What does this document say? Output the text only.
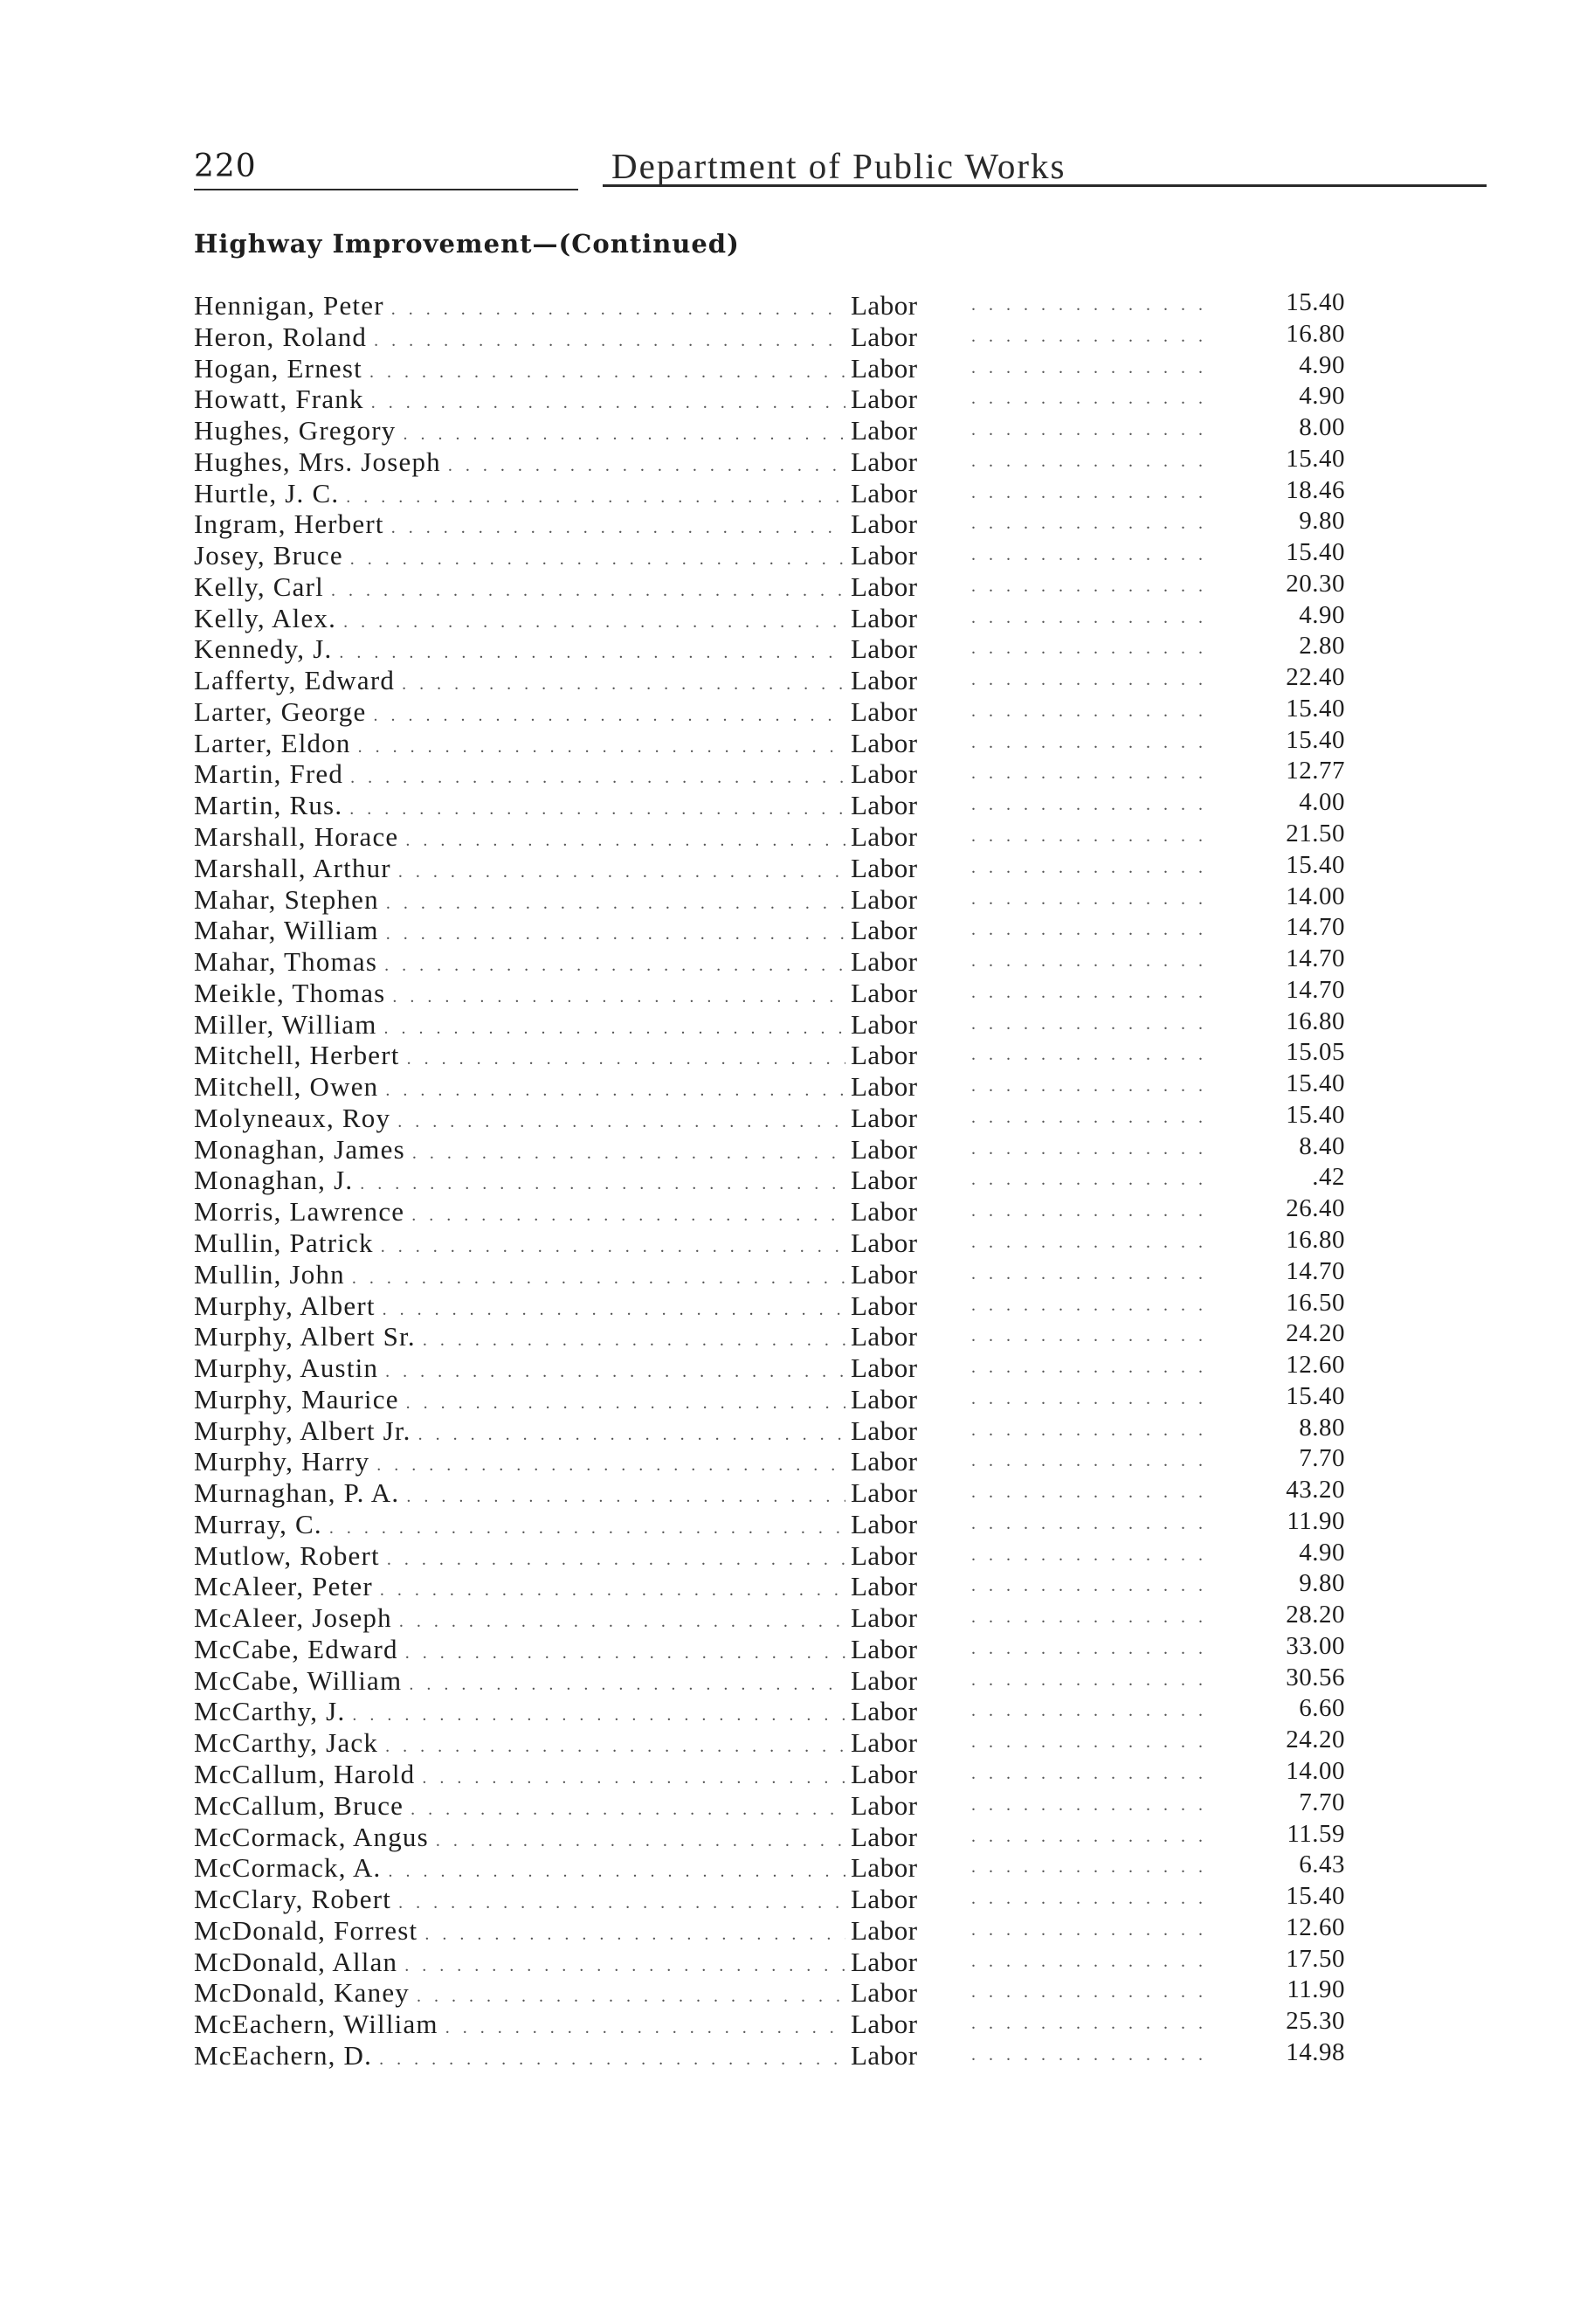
220	Department of Public Works
Highway Improvement—(Continued)
Hennigan, Peter . . .	Labor . . .	15.40
Heron, Roland . . .	Labor . . .	16.80
Hogan, Ernest . . .	Labor . . .	4.90
Howatt, Frank . . .	Labor . . .	4.90
Hughes, Gregory . . .	Labor . . .	8.00
Hughes, Mrs. Joseph . . .	Labor . . .	15.40
Hurtle, J. C. . . .	Labor . . .	18.46
Ingram, Herbert . . .	Labor . . .	9.80
Josey, Bruce . . .	Labor . . .	15.40
Kelly, Carl . . .	Labor . . .	20.30
Kelly, Alex. . . .	Labor . . .	4.90
Kennedy, J. . . .	Labor . . .	2.80
Lafferty, Edward . . .	Labor . . .	22.40
Larter, George . . .	Labor . . .	15.40
Larter, Eldon . . .	Labor . . .	15.40
Martin, Fred . . .	Labor . . .	12.77
Martin, Rus. . . .	Labor . . .	4.00
Marshall, Horace . . .	Labor . . .	21.50
Marshall, Arthur . . .	Labor . . .	15.40
Mahar, Stephen . . .	Labor . . .	14.00
Mahar, William . . .	Labor . . .	14.70
Mahar, Thomas . . .	Labor . . .	14.70
Meikle, Thomas . . .	Labor . . .	14.70
Miller, William . . .	Labor . . .	16.80
Mitchell, Herbert . . .	Labor . . .	15.05
Mitchell, Owen . . .	Labor . . .	15.40
Molyneaux, Roy . . .	Labor . . .	15.40
Monaghan, James . . .	Labor . . .	8.40
Monaghan, J. . . .	Labor . . .	.42
Morris, Lawrence . . .	Labor . . .	26.40
Mullin, Patrick . . .	Labor . . .	16.80
Mullin, John . . .	Labor . . .	14.70
Murphy, Albert . . .	Labor . . .	16.50
Murphy, Albert Sr. . . .	Labor . . .	24.20
Murphy, Austin . . .	Labor . . .	12.60
Murphy, Maurice . . .	Labor . . .	15.40
Murphy, Albert Jr. . . .	Labor . . .	8.80
Murphy, Harry . . .	Labor . . .	7.70
Murnaghan, P. A. . . .	Labor . . .	43.20
Murray, C. . . .	Labor . . .	11.90
Mutlow, Robert . . .	Labor . . .	4.90
McAleer, Peter . . .	Labor . . .	9.80
McAleer, Joseph . . .	Labor . . .	28.20
McCabe, Edward . . .	Labor . . .	33.00
McCabe, William . . .	Labor . . .	30.56
McCarthy, J. . . .	Labor . . .	6.60
McCarthy, Jack . . .	Labor . . .	24.20
McCallum, Harold . . .	Labor . . .	14.00
McCallum, Bruce . . .	Labor . . .	7.70
McCormack, Angus . . .	Labor . . .	11.59
McCormack, A. . . .	Labor . . .	6.43
McClary, Robert . . .	Labor . . .	15.40
McDonald, Forrest . . .	Labor . . .	12.60
McDonald, Allan . . .	Labor . . .	17.50
McDonald, Kaney . . .	Labor . . .	11.90
McEachern, William . . .	Labor . . .	25.30
McEachern, D. . . .	Labor . . .	14.98
